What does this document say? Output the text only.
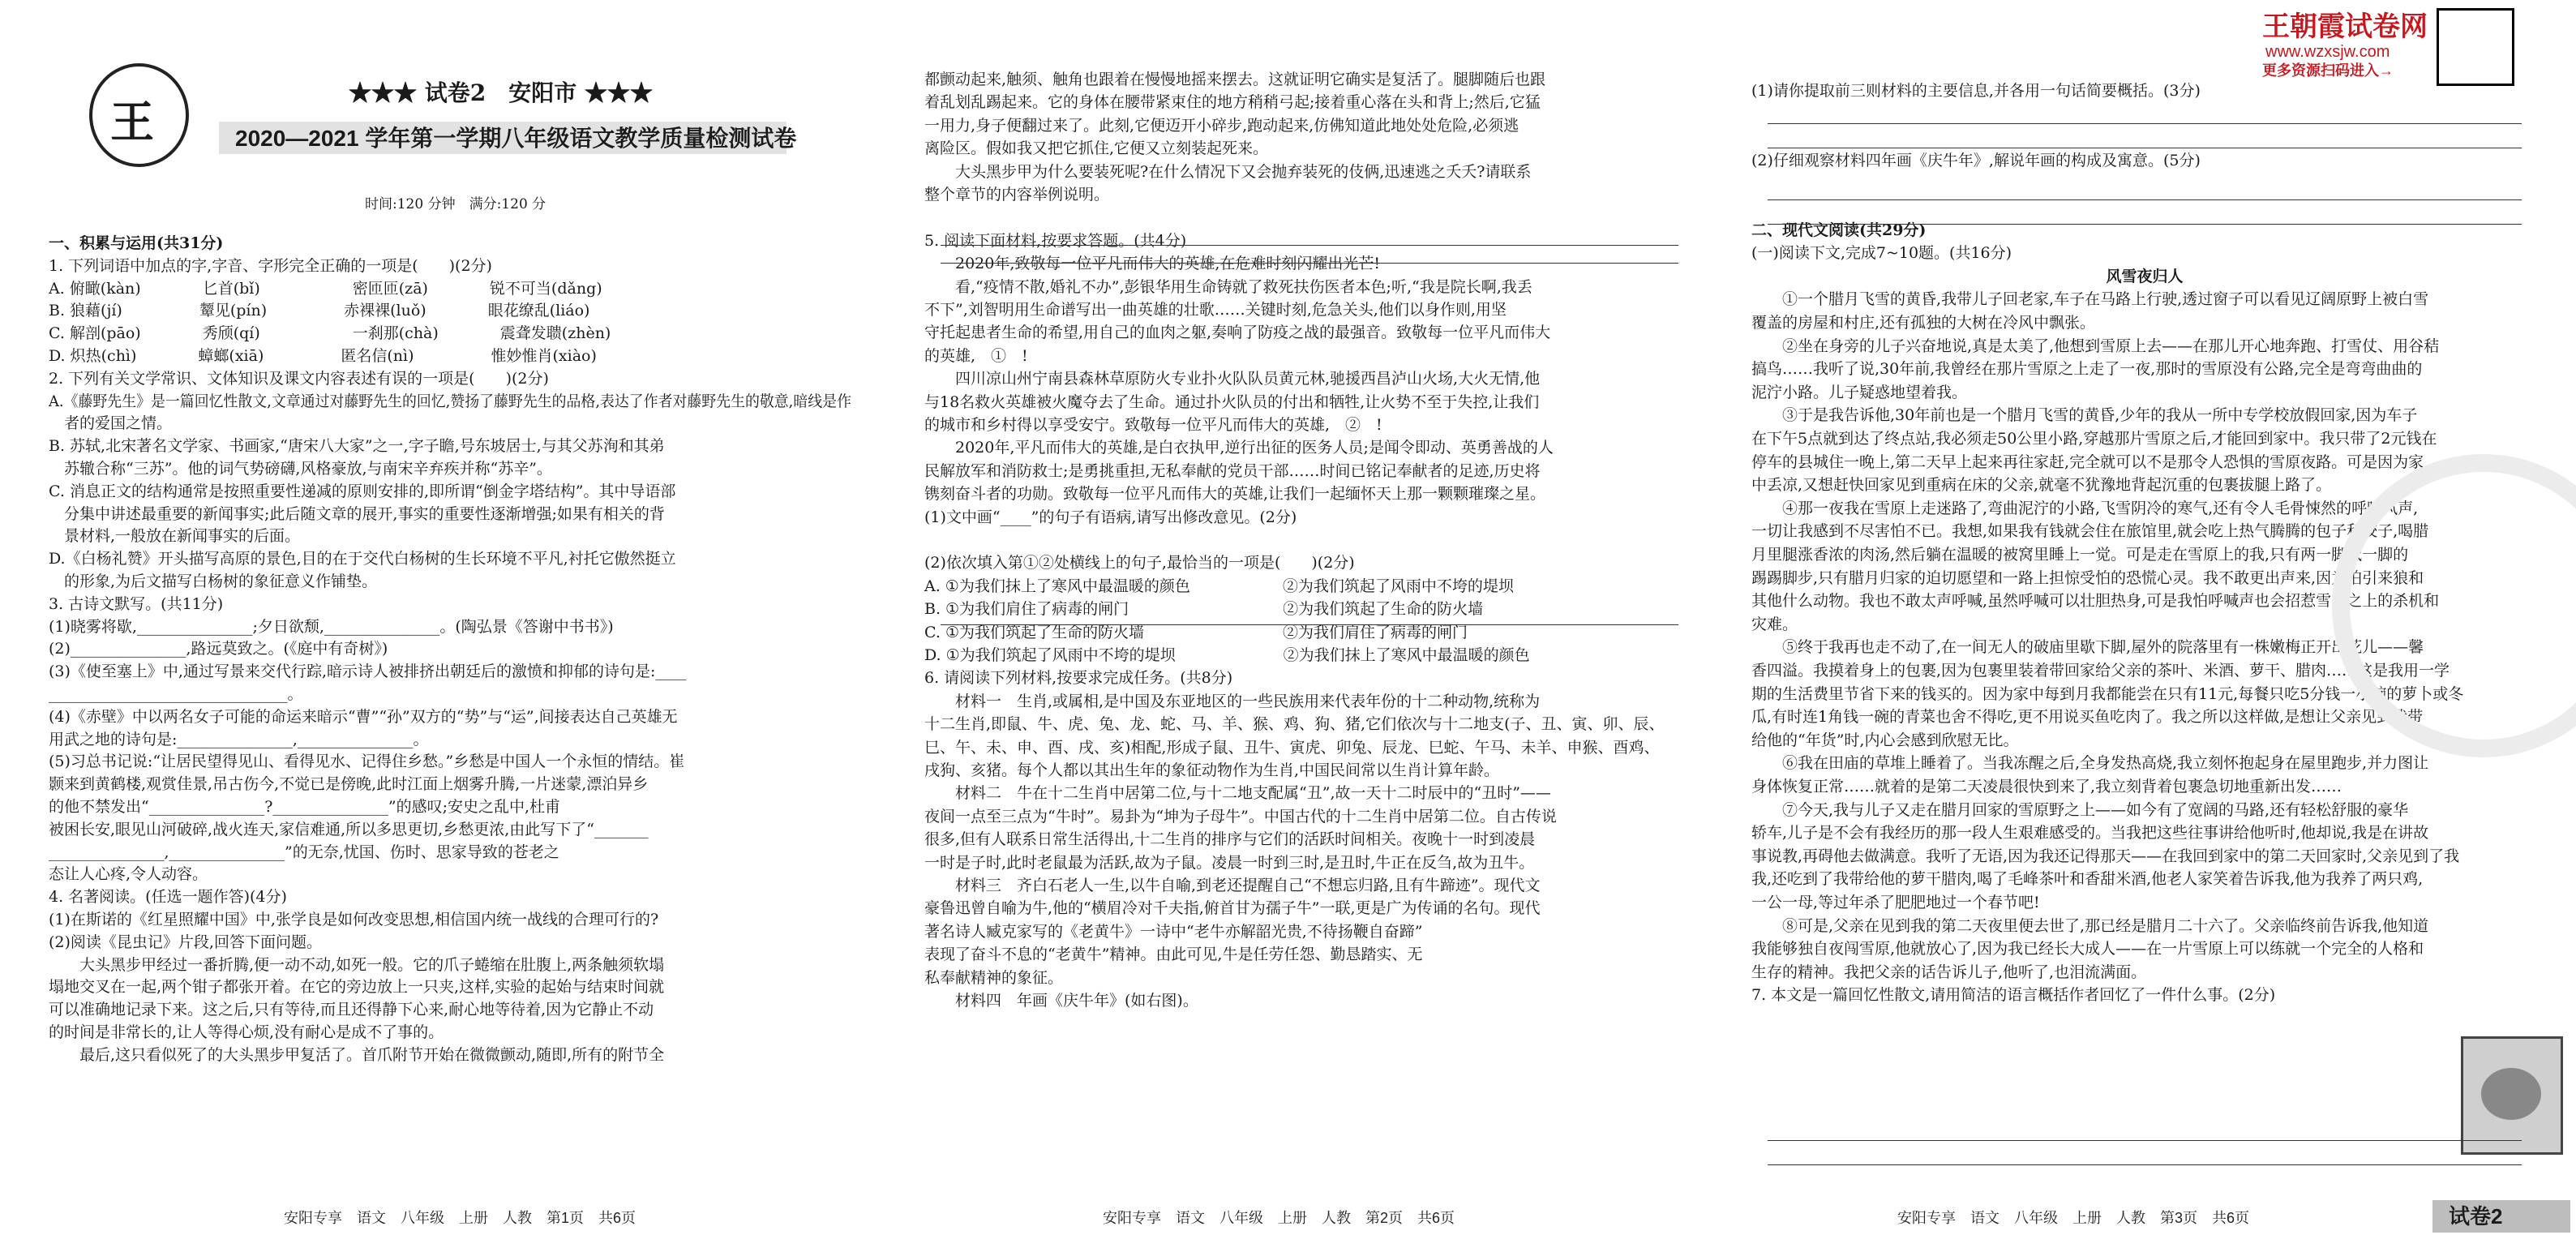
王
★★★ 试卷2　安阳市 ★★★
2020—2021 学年第一学期八年级语文教学质量检测试卷
时间:120 分钟　满分:120 分
一、积累与运用(共31分)
1. 下列词语中加点的字,字音、字形完全正确的一项是(　　)(2分)
A. 俯瞰(kàn)　　　　匕首(bǐ)　　　　　　密匝匝(zā)　　　　锐不可当(dǎng)
B. 狼藉(jí)　　　　　颦见(pín)　　　　　赤裸裸(luǒ)　　　　眼花缭乱(liáo)
C. 解剖(pāo)　　　　秀颀(qí)　　　　　　一刹那(chà)　　　　震聋发聩(zhèn)
D. 炽热(chì)　　　　蟑螂(xiā)　　　　　匿名信(nì)　　　　　惟妙惟肖(xiào)
2. 下列有关文学常识、文体知识及课文内容表述有误的一项是(　　)(2分)
A.《藤野先生》是一篇回忆性散文,文章通过对藤野先生的回忆,赞扬了藤野先生的品格,表达了作者对藤野先生的敬意,暗线是作
　者的爱国之情。
B. 苏轼,北宋著名文学家、书画家,“唐宋八大家”之一,字子瞻,号东坡居士,与其父苏洵和其弟
　苏辙合称“三苏”。他的词气势磅礴,风格豪放,与南宋辛弃疾并称“苏辛”。
C. 消息正文的结构通常是按照重要性递减的原则安排的,即所谓“倒金字塔结构”。其中导语部
　分集中讲述最重要的新闻事实;此后随文章的展开,事实的重要性逐渐增强;如果有相关的背
　景材料,一般放在新闻事实的后面。
D.《白杨礼赞》开头描写高原的景色,目的在于交代白杨树的生长环境不平凡,衬托它傲然挺立
　的形象,为后文描写白杨树的象征意义作铺垫。
3. 古诗文默写。(共11分)
(1)晓雾将歇,_______________;夕日欲颓,_______________。(陶弘景《答谢中书书》)
(2)_______________,路远莫致之。(《庭中有奇树》)
(3)《使至塞上》中,通过写景来交代行踪,暗示诗人被排挤出朝廷后的激愤和抑郁的诗句是:____
_______________________________。
(4)《赤壁》中以两名女子可能的命运来暗示“曹”“孙”双方的“势”与“运”,间接表达自己英雄无
用武之地的诗句是:_______________,_______________。
(5)习总书记说:“让居民望得见山、看得见水、记得住乡愁。”乡愁是中国人一个永恒的情结。崔
颢来到黄鹤楼,观赏佳景,吊古伤今,不觉已是傍晚,此时江面上烟雾升腾,一片迷蒙,漂泊异乡
的他不禁发出“_______________?_______________”的感叹;安史之乱中,杜甫
被困长安,眼见山河破碎,战火连天,家信难通,所以多思更切,乡愁更浓,由此写下了“_______
_______________,_______________”的无奈,忧国、伤时、思家导致的苍老之
态让人心疼,令人动容。
4. 名著阅读。(任选一题作答)(4分)
(1)在斯诺的《红星照耀中国》中,张学良是如何改变思想,相信国内统一战线的合理可行的?
(2)阅读《昆虫记》片段,回答下面问题。
　　大头黑步甲经过一番折腾,便一动不动,如死一般。它的爪子蜷缩在肚腹上,两条触须软塌
塌地交叉在一起,两个钳子都张开着。在它的旁边放上一只夹,这样,实验的起始与结束时间就
可以准确地记录下来。这之后,只有等待,而且还得静下心来,耐心地等待着,因为它静止不动
的时间是非常长的,让人等得心烦,没有耐心是成不了事的。
　　最后,这只看似死了的大头黑步甲复活了。首爪附节开始在微微颤动,随即,所有的附节全
安阳专享　语文　八年级　上册　人教　第1页　共6页
都颤动起来,触须、触角也跟着在慢慢地摇来摆去。这就证明它确实是复活了。腿脚随后也跟
着乱划乱踢起来。它的身体在腰带紧束住的地方稍稍弓起;接着重心落在头和背上;然后,它猛
一用力,身子便翻过来了。此刻,它便迈开小碎步,跑动起来,仿佛知道此地处处危险,必须逃
离险区。假如我又把它抓住,它便又立刻装起死来。
　　大头黑步甲为什么要装死呢?在什么情况下又会抛弃装死的伎俩,迅速逃之夭夭?请联系
整个章节的内容举例说明。
5. 阅读下面材料,按要求答题。(共4分)
　　2020年,致敬每一位平凡而伟大的英雄,在危难时刻闪耀出光芒!
　　看,“疫情不散,婚礼不办”,彭银华用生命铸就了救死扶伤医者本色;听,“我是院长啊,我丢
不下”,刘智明用生命谱写出一曲英雄的壮歌……关键时刻,危急关头,他们以身作则,用坚
守托起患者生命的希望,用自己的血肉之躯,奏响了防疫之战的最强音。致敬每一位平凡而伟大
的英雄,　①　!
　　四川凉山州宁南县森林草原防火专业扑火队队员黄元林,驰援西昌泸山火场,大火无情,他
与18名救火英雄被火魔夺去了生命。通过扑火队员的付出和牺牲,让火势不至于失控,让我们
的城市和乡村得以享受安宁。致敬每一位平凡而伟大的英雄,　②　!
　　2020年,平凡而伟大的英雄,是白衣执甲,逆行出征的医务人员;是闻令即动、英勇善战的人
民解放军和消防救士;是勇挑重担,无私奉献的党员干部……时间已铭记奉献者的足迹,历史将
镌刻奋斗者的功勋。致敬每一位平凡而伟大的英雄,让我们一起缅怀天上那一颗颗璀璨之星。
(1)文中画“____”的句子有语病,请写出修改意见。(2分)
(2)依次填入第①②处横线上的句子,最恰当的一项是(　　)(2分)
A. ①为我们抹上了寒风中最温暖的颜色　　　　　　②为我们筑起了风雨中不垮的堤坝
B. ①为我们肩住了病毒的闸门　　　　　　　　　　②为我们筑起了生命的防火墙
C. ①为我们筑起了生命的防火墙　　　　　　　　　②为我们肩住了病毒的闸门
D. ①为我们筑起了风雨中不垮的堤坝　　　　　　　②为我们抹上了寒风中最温暖的颜色
6. 请阅读下列材料,按要求完成任务。(共8分)
　　材料一　生肖,或属相,是中国及东亚地区的一些民族用来代表年份的十二种动物,统称为
十二生肖,即鼠、牛、虎、兔、龙、蛇、马、羊、猴、鸡、狗、猪,它们依次与十二地支(子、丑、寅、卯、辰、
巳、午、未、申、酉、戌、亥)相配,形成子鼠、丑牛、寅虎、卯兔、辰龙、巳蛇、午马、未羊、申猴、酉鸡、
戌狗、亥猪。每个人都以其出生年的象征动物作为生肖,中国民间常以生肖计算年龄。
　　材料二　牛在十二生肖中居第二位,与十二地支配属“丑”,故一天十二时辰中的“丑时”——
夜间一点至三点为“牛时”。易卦为“坤为子母牛”。中国古代的十二生肖中居第二位。自古传说
很多,但有人联系日常生活得出,十二生肖的排序与它们的活跃时间相关。夜晚十一时到凌晨
一时是子时,此时老鼠最为活跃,故为子鼠。凌晨一时到三时,是丑时,牛正在反刍,故为丑牛。
　　材料三　齐白石老人一生,以牛自喻,到老还提醒自己“不想忘归路,且有牛蹄迹”。现代文
豪鲁迅曾自喻为牛,他的“横眉冷对千夫指,俯首甘为孺子牛”一联,更是广为传诵的名句。现代
著名诗人臧克家写的《老黄牛》一诗中“老牛亦解韶光贵,不待扬鞭自奋蹄”
表现了奋斗不息的“老黄牛”精神。由此可见,牛是任劳任怨、勤恳踏实、无
私奉献精神的象征。
　　材料四　年画《庆牛年》(如右图)。
安阳专享　语文　八年级　上册　人教　第2页　共6页
(1)请你提取前三则材料的主要信息,并各用一句话简要概括。(3分)
(2)仔细观察材料四年画《庆牛年》,解说年画的构成及寓意。(5分)
二、现代文阅读(共29分)
(一)阅读下文,完成7~10题。(共16分)
风雪夜归人
　　①一个腊月飞雪的黄昏,我带儿子回老家,车子在马路上行驶,透过窗子可以看见辽阔原野上被白雪
覆盖的房屋和村庄,还有孤独的大树在冷风中飘张。
　　②坐在身旁的儿子兴奋地说,真是太美了,他想到雪原上去——在那儿开心地奔跑、打雪仗、用谷秸
搞鸟……我听了说,30年前,我曾经在那片雪原之上走了一夜,那时的雪原没有公路,完全是弯弯曲曲的
泥泞小路。儿子疑惑地望着我。
　　③于是我告诉他,30年前也是一个腊月飞雪的黄昏,少年的我从一所中专学校放假回家,因为车子
在下午5点就到达了终点站,我必须走50公里小路,穿越那片雪原之后,才能回到家中。我只带了2元钱在
停车的县城住一晚上,第二天早上起来再往家赶,完全就可以不是那令人恐惧的雪原夜路。可是因为家
中丢凉,又想赶快回家见到重病在床的父亲,就毫不犹豫地背起沉重的包裹拔腿上路了。
　　④那一夜我在雪原上走迷路了,弯曲泥泞的小路,飞雪阴冷的寒气,还有令人毛骨悚然的呼啸风声,
一切让我感到不尽害怕不已。我想,如果我有钱就会住在旅馆里,就会吃上热气腾腾的包子和饺子,喝腊
月里腿涨香浓的肉汤,然后躺在温暖的被窝里睡上一觉。可是走在雪原上的我,只有两一脚低一脚的
踢踢脚步,只有腊月归家的迫切愿望和一路上担惊受怕的恐慌心灵。我不敢更出声来,因为怕引来狼和
其他什么动物。我也不敢太声呼喊,虽然呼喊可以壮胆热身,可是我怕呼喊声也会招惹雪原之上的杀机和
灾难。
　　⑤终于我再也走不动了,在一间无人的破庙里歇下脚,屋外的院落里有一株嫩梅正开出花儿——馨
香四溢。我摸着身上的包裹,因为包裹里装着带回家给父亲的茶叶、米酒、萝干、腊肉……这是我用一学
期的生活费里节省下来的钱买的。因为家中每到月我都能尝在只有11元,每餐只吃5分钱一小碗的萝卜或冬
瓜,有时连1角钱一碗的青菜也舍不得吃,更不用说买鱼吃肉了。我之所以这样做,是想让父亲见到我带
给他的“年货”时,内心会感到欣慰无比。
　　⑥我在田庙的草堆上睡着了。当我冻醒之后,全身发热高烧,我立刻怀抱起身在屋里跑步,并力图让
身体恢复正常……就着的是第二天凌晨很快到来了,我立刻背着包裹急切地重新出发……
　　⑦今天,我与儿子又走在腊月回家的雪原野之上——如今有了宽阔的马路,还有轻松舒服的豪华
轿车,儿子是不会有我经历的那一段人生艰难感受的。当我把这些往事讲给他听时,他却说,我是在讲故
事说教,再碍他去做满意。我听了无语,因为我还记得那天——在我回到家中的第二天回家时,父亲见到了我
我,还吃到了我带给他的萝干腊肉,喝了毛峰茶叶和香甜米酒,他老人家笑着告诉我,他为我养了两只鸡,
一公一母,等过年杀了肥肥地过一个春节吧!
　　⑧可是,父亲在见到我的第二天夜里便去世了,那已经是腊月二十六了。父亲临终前告诉我,他知道
我能够独自夜闯雪原,他就放心了,因为我已经长大成人——在一片雪原上可以练就一个完全的人格和
生存的精神。我把父亲的话告诉儿子,他听了,也泪流满面。
7. 本文是一篇回忆性散文,请用简洁的语言概括作者回忆了一件什么事。(2分)
安阳专享　语文　八年级　上册　人教　第3页　共6页
王朝霞试卷网
www.wzxsjw.com
更多资源扫码进入→
试卷2
